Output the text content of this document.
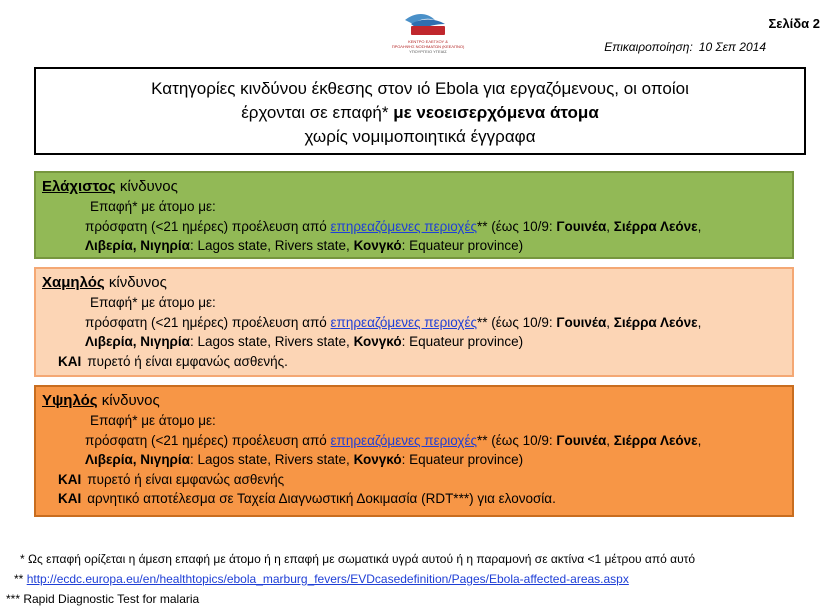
ΚΕΝΤΡΟ ΕΛΕΓΧΟΥ &
ΠΡΟΛΗΨΗΣ ΝΟΣΗΜΑΤΩΝ (ΚΕΕΛΠΝΟ)
ΥΠΟΥΡΓΕΙΟ ΥΓΕΙΑΣ
Σελίδα 2
Επικαιροποίηση: 10 Σεπ 2014
Κατηγορίες κινδύνου έκθεσης στον ιό Ebola για εργαζόμενους, οι οποίοι
έρχονται σε επαφή* με νεοεισερχόμενα άτομα
χωρίς νομιμοποιητικά έγγραφα
Ελάχιστος κίνδυνος
Επαφή* με άτομο με:
πρόσφατη (<21 ημέρες) προέλευση από επηρεαζόμενες περιοχές** (έως 10/9: Γουινέα, Σιέρρα Λεόνε,
Λιβερία, Νιγηρία: Lagos state, Rivers state, Κονγκό: Equateur province)
Χαμηλός κίνδυνος
Επαφή* με άτομο με:
πρόσφατη (<21 ημέρες) προέλευση από επηρεαζόμενες περιοχές** (έως 10/9: Γουινέα, Σιέρρα Λεόνε,
Λιβερία, Νιγηρία: Lagos state, Rivers state, Κονγκό: Equateur province)
ΚΑΙ πυρετό ή είναι εμφανώς ασθενής.
Υψηλός κίνδυνος
Επαφή* με άτομο με:
πρόσφατη (<21 ημέρες) προέλευση από επηρεαζόμενες περιοχές** (έως 10/9: Γουινέα, Σιέρρα Λεόνε,
Λιβερία, Νιγηρία: Lagos state, Rivers state, Κονγκό: Equateur province)
ΚΑΙ πυρετό ή είναι εμφανώς ασθενής
ΚΑΙ αρνητικό αποτέλεσμα σε Ταχεία Διαγνωστική Δοκιμασία (RDT***) για ελονοσία.
* Ως επαφή ορίζεται η άμεση επαφή με άτομο ή η επαφή με σωματικά υγρά αυτού ή η παραμονή σε ακτίνα <1 μέτρου από αυτό
** http://ecdc.europa.eu/en/healthtopics/ebola_marburg_fevers/EVDcasedefinition/Pages/Ebola-affected-areas.aspx
*** Rapid Diagnostic Test for malaria
